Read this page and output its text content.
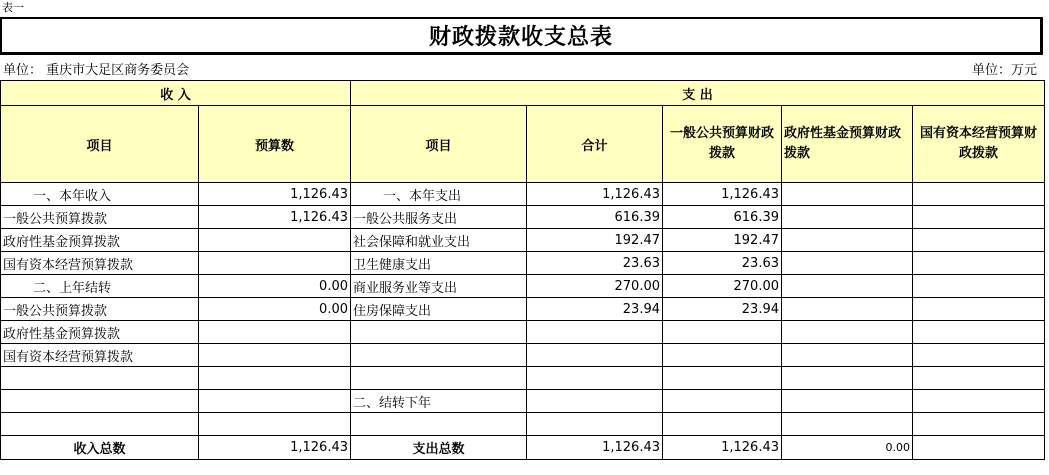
表一
财政拨款收支总表
单位： 重庆市大足区商务委员会	单位：万元
收 入		支 出				
项目	预算数	项目	合计	一般公共预算财政拨款	政府性基金预算财政拨款	国有资本经营预算财政拨款
一、本年收入	1,126.43	一、本年支出	1,126.43	1,126.43		
一般公共预算拨款	1,126.43	一般公共服务支出	616.39	616.39		
政府性基金预算拨款		社会保障和就业支出	192.47	192.47		
国有资本经营预算拨款		卫生健康支出	23.63	23.63		
二、上年结转	0.00	商业服务业等支出	270.00	270.00		
一般公共预算拨款	0.00	住房保障支出	23.94	23.94		
政府性基金预算拨款						
国有资本经营预算拨款						

		二、结转下年				

收入总数	1,126.43	支出总数	1,126.43	1,126.43	0.00	
